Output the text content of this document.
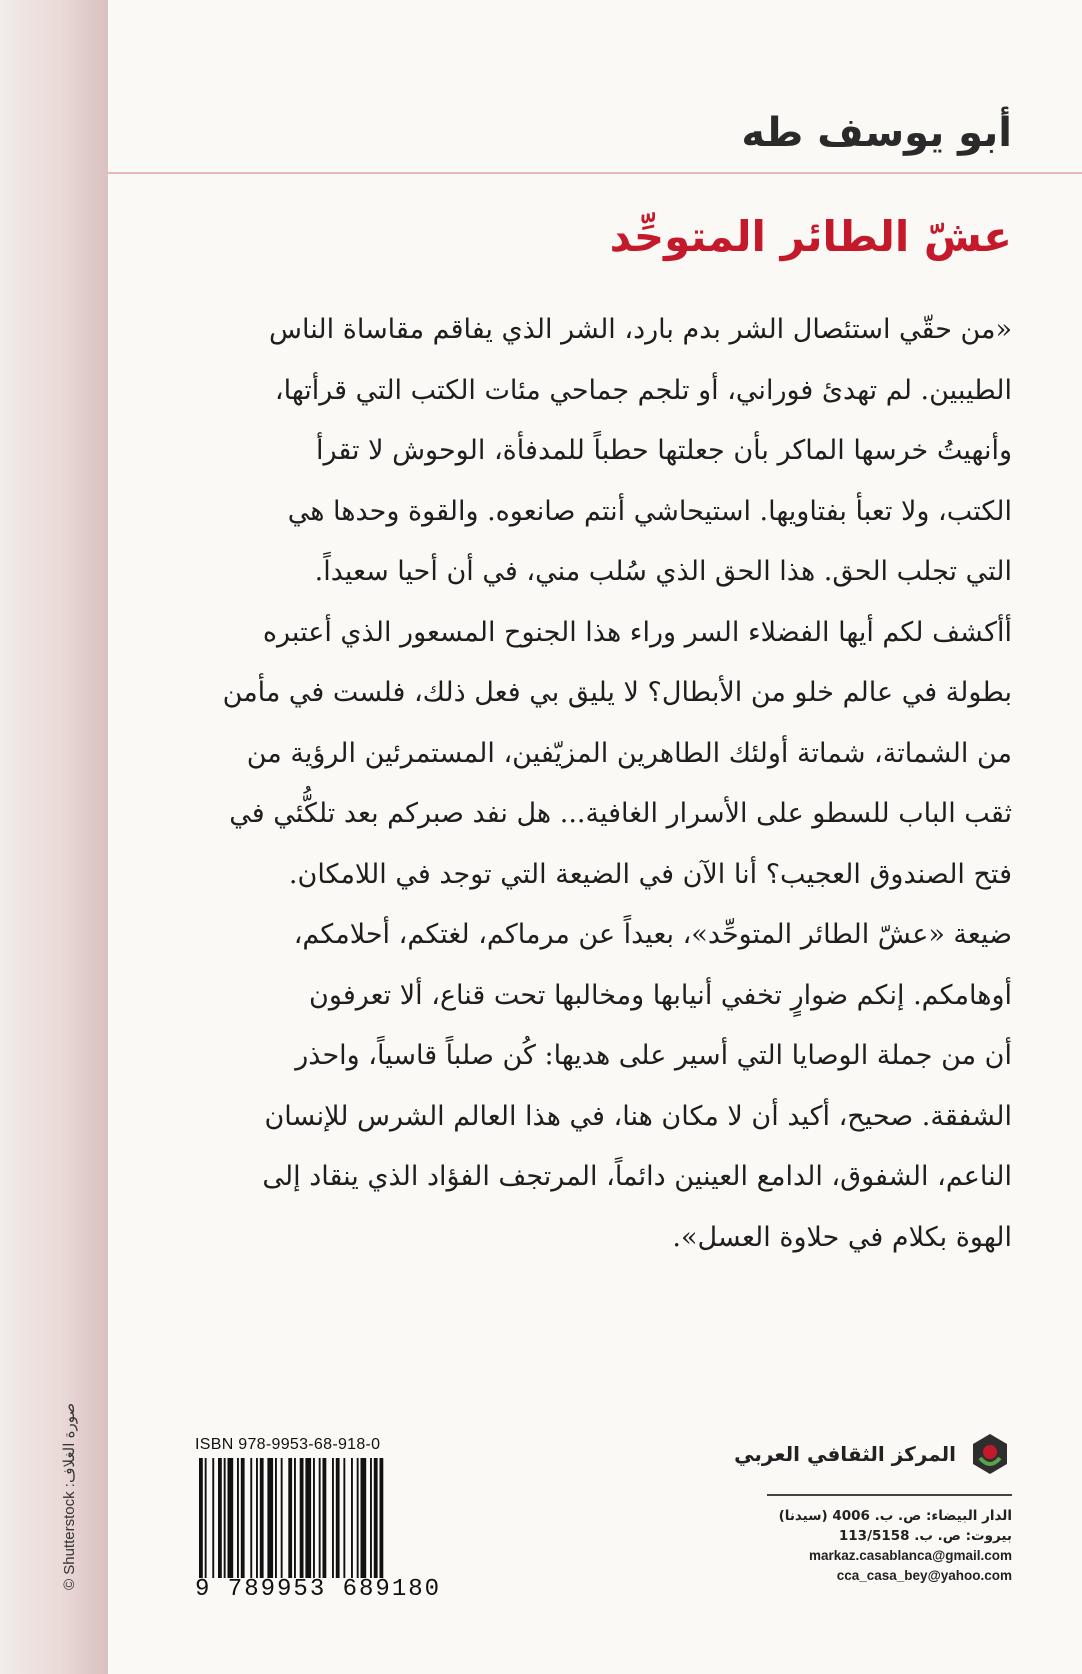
صورة الغلاف: Shutterstock ©
أبو يوسف طه
عشّ الطائر المتوحِّد
«من حقّي استئصال الشر بدم بارد، الشر الذي يفاقم مقاساة الناس
الطيبين. لم تهدئ فوراني، أو تلجم جماحي مئات الكتب التي قرأتها،
وأنهيتُ خرسها الماكر بأن جعلتها حطباً للمدفأة، الوحوش لا تقرأ
الكتب، ولا تعبأ بفتاويها. استيحاشي أنتم صانعوه. والقوة وحدها هي
التي تجلب الحق. هذا الحق الذي سُلب مني، في أن أحيا سعيداً.
أأكشف لكم أيها الفضلاء السر وراء هذا الجنوح المسعور الذي أعتبره
بطولة في عالم خلو من الأبطال؟ لا يليق بي فعل ذلك، فلست في مأمن
من الشماتة، شماتة أولئك الطاهرين المزيّفين، المستمرئين الرؤية من
ثقب الباب للسطو على الأسرار الغافية... هل نفد صبركم بعد تلكُّئي في
فتح الصندوق العجيب؟ أنا الآن في الضيعة التي توجد في اللامكان.
ضيعة «عشّ الطائر المتوحِّد»، بعيداً عن مرماكم، لغتكم، أحلامكم،
أوهامكم. إنكم ضوارٍ تخفي أنيابها ومخالبها تحت قناع، ألا تعرفون
أن من جملة الوصايا التي أسير على هديها: كُن صلباً قاسياً، واحذر
الشفقة. صحيح، أكيد أن لا مكان هنا، في هذا العالم الشرس للإنسان
الناعم، الشفوق، الدامع العينين دائماً، المرتجف الفؤاد الذي ينقاد إلى
الهوة بكلام في حلاوة العسل».
ISBN 978-9953-68-918-0
9 789953 689180
المركز الثقافي العربي
الدار البيضاء: ص. ب. 4006 (سيدنا)
بيروت: ص. ب. 113/5158
markaz.casablanca@gmail.com
cca_casa_bey@yahoo.com
